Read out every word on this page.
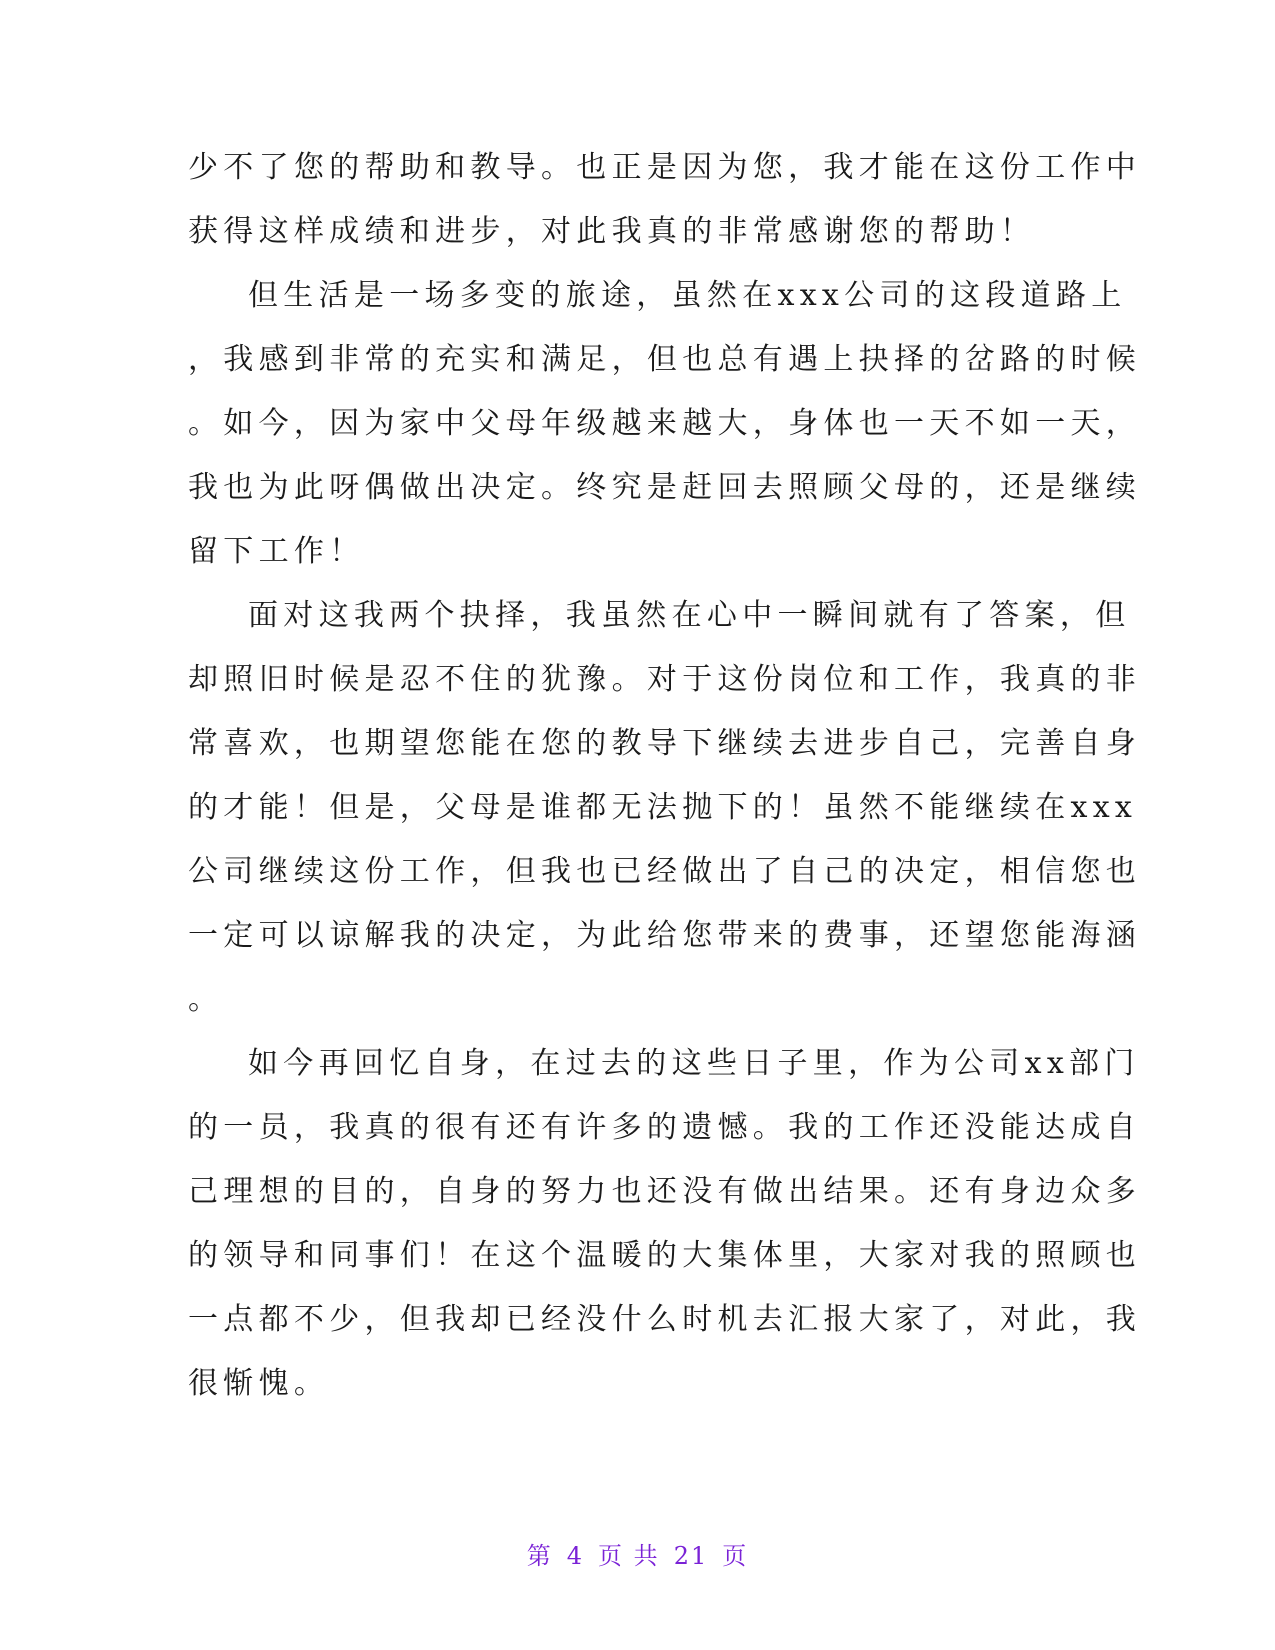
少不了您的帮助和教导。也正是因为您，我才能在这份工作中
获得这样成绩和进步，对此我真的非常感谢您的帮助！
但生活是一场多变的旅途，虽然在xxx公司的这段道路上
，我感到非常的充实和满足，但也总有遇上抉择的岔路的时候
。如今，因为家中父母年级越来越大，身体也一天不如一天，
我也为此呀偶做出决定。终究是赶回去照顾父母的，还是继续
留下工作！
面对这我两个抉择，我虽然在心中一瞬间就有了答案，但
却照旧时候是忍不住的犹豫。对于这份岗位和工作，我真的非
常喜欢，也期望您能在您的教导下继续去进步自己，完善自身
的才能！但是，父母是谁都无法抛下的！虽然不能继续在xxx
公司继续这份工作，但我也已经做出了自己的决定，相信您也
一定可以谅解我的决定，为此给您带来的费事，还望您能海涵
。
如今再回忆自身，在过去的这些日子里，作为公司xx部门
的一员，我真的很有还有许多的遗憾。我的工作还没能达成自
己理想的目的，自身的努力也还没有做出结果。还有身边众多
的领导和同事们！在这个温暖的大集体里，大家对我的照顾也
一点都不少，但我却已经没什么时机去汇报大家了，对此，我
很惭愧。
第 4 页 共 21 页
